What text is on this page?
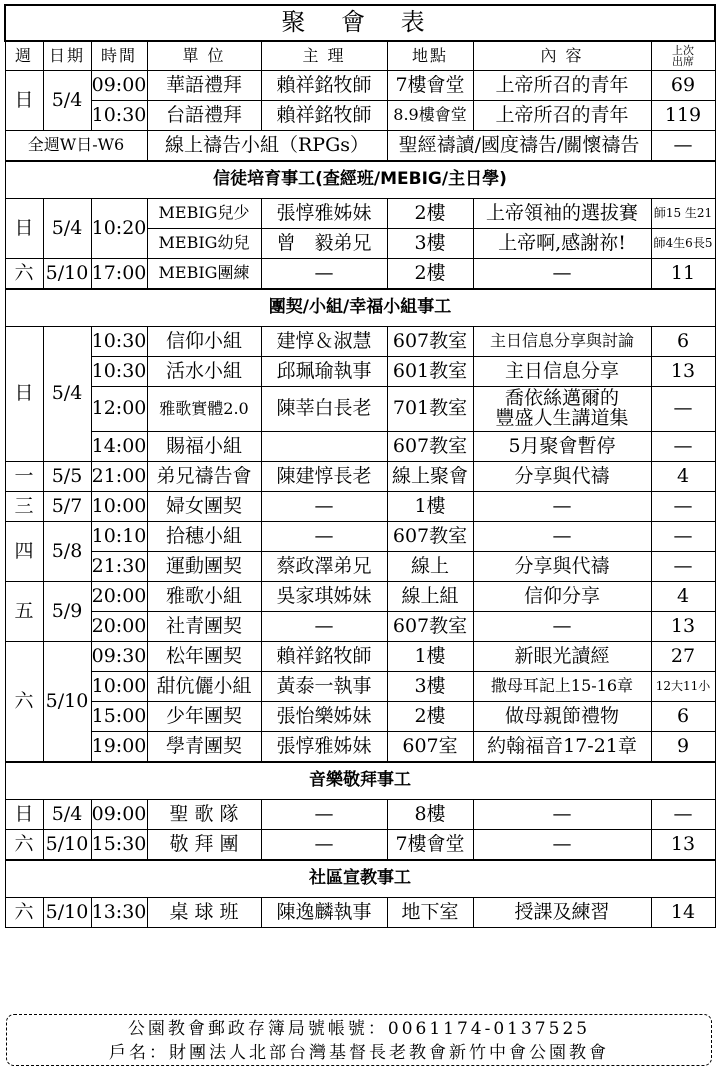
聚 會 表							
週	日期	時間	單 位	主 理	地點	內 容	上次
出席
日	5/4	09:00	華語禮拜	賴祥銘牧師	7樓會堂	上帝所召的青年	69
		10:30	台語禮拜	賴祥銘牧師	8.9樓會堂	上帝所召的青年	119
全週W日-W6			線上禱告小組（RPGs）		聖經禱讀/國度禱告/關懷禱告		—
信徒培育事工(查經班/MEBIG/主日學)							
日	5/4	10:20	MEBIG兒少	張惇雅姊妹	2樓	上帝領袖的選拔賽	師15 生21
			MEBIG幼兒	曾　毅弟兄	3樓	上帝啊,感謝祢!	師4生6長5
六	5/10	17:00	MEBIG團練	—	2樓	—	11
團契/小組/幸福小組事工							
日	5/4	10:30	信仰小組	建惇＆淑慧	607教室	主日信息分享與討論	6
		10:30	活水小組	邱珮瑜執事	601教室	主日信息分享	13
		12:00	雅歌實體2.0	陳莘白長老	701教室	喬依絲邁爾的
豐盛人生講道集	—
		14:00	賜福小組		607教室	5月聚會暫停	—
一	5/5	21:00	弟兄禱告會	陳建惇長老	線上聚會	分享與代禱	4
三	5/7	10:00	婦女團契	—	1樓	—	—
四	5/8	10:10	拾穗小組	—	607教室	—	—
		21:30	運動團契	蔡政澤弟兄	線上	分享與代禱	—
五	5/9	20:00	雅歌小組	吳家琪姊妹	線上組	信仰分享	4
		20:00	社青團契	—	607教室	—	13
六	5/10	09:30	松年團契	賴祥銘牧師	1樓	新眼光讀經	27
		10:00	甜伉儷小組	黃泰一執事	3樓	撒母耳記上15-16章	12大11小
		15:00	少年團契	張怡樂姊妹	2樓	做母親節禮物	6
		19:00	學青團契	張惇雅姊妹	607室	約翰福音17-21章	9
音樂敬拜事工							
日	5/4	09:00	聖 歌 隊	—	8樓	—	—
六	5/10	15:30	敬 拜 團	—	7樓會堂	—	13
社區宣教事工							
六	5/10	13:30	桌 球 班	陳逸麟執事	地下室	授課及練習	14
公園教會郵政存簿局號帳號：0061174-0137525
戶名：財團法人北部台灣基督長老教會新竹中會公園教會
